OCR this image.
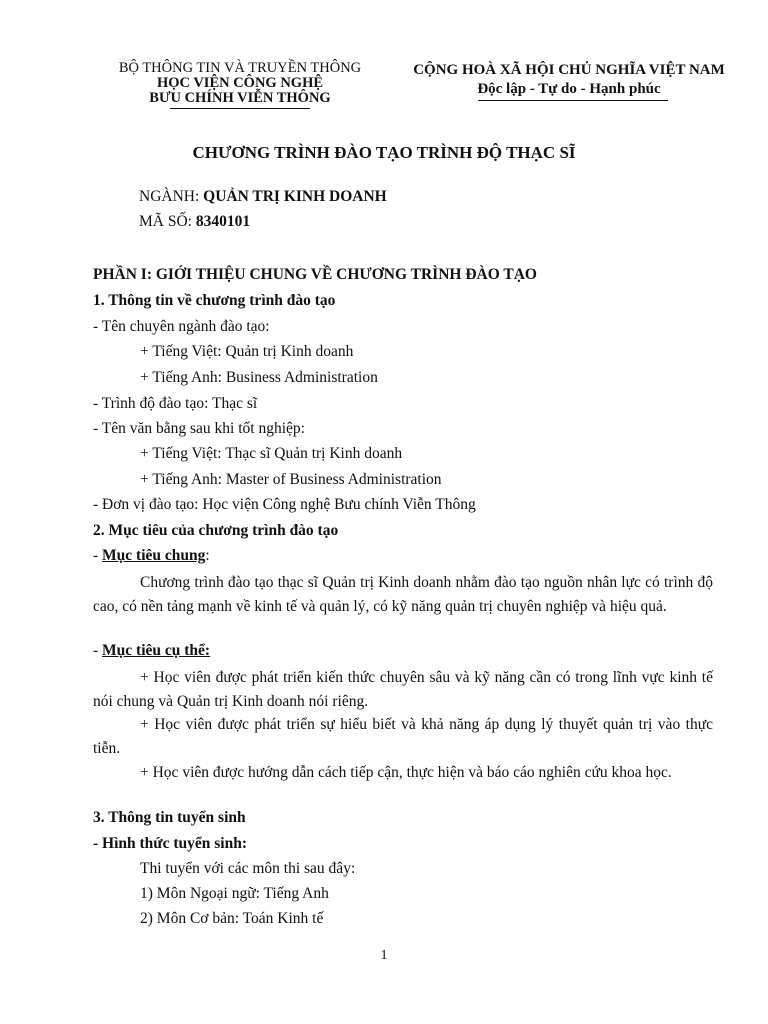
BỘ THÔNG TIN VÀ TRUYỀN THÔNG
HỌC VIỆN CÔNG NGHỆ
BƯU CHÍNH VIỄN THÔNG
CỘNG HOÀ XÃ HỘI CHỦ NGHĨA VIỆT NAM
Độc lập - Tự do - Hạnh phúc
CHƯƠNG TRÌNH ĐÀO TẠO TRÌNH ĐỘ THẠC SĨ
NGÀNH: QUẢN TRỊ KINH DOANH
MÃ SỐ: 8340101
PHẦN I: GIỚI THIỆU CHUNG VỀ CHƯƠNG TRÌNH ĐÀO TẠO
1. Thông tin về chương trình đào tạo
- Tên chuyên ngành đào tạo:
+ Tiếng Việt: Quản trị Kinh doanh
+ Tiếng Anh: Business Administration
- Trình độ đào tạo: Thạc sĩ
- Tên văn bằng sau khi tốt nghiệp:
+ Tiếng Việt: Thạc sĩ Quản trị Kinh doanh
+ Tiếng Anh: Master of Business Administration
- Đơn vị đào tạo: Học viện Công nghệ Bưu chính Viễn Thông
2. Mục tiêu của chương trình đào tạo
- Mục tiêu chung:
Chương trình đào tạo thạc sĩ Quản trị Kinh doanh nhằm đào tạo nguồn nhân lực có trình độ cao, có nền tảng mạnh về kinh tế và quản lý, có kỹ năng quản trị chuyên nghiệp và hiệu quả.
- Mục tiêu cụ thể:
+ Học viên được phát triển kiến thức chuyên sâu và kỹ năng cần có trong lĩnh vực kinh tế nói chung và Quản trị Kinh doanh nói riêng.
+ Học viên được phát triển sự hiểu biết và khả năng áp dụng lý thuyết quản trị vào thực tiễn.
+ Học viên được hướng dẫn cách tiếp cận, thực hiện và báo cáo nghiên cứu khoa học.
3. Thông tin tuyển sinh
- Hình thức tuyển sinh:
Thi tuyển với các môn thi sau đây:
1) Môn Ngoại ngữ: Tiếng Anh
2) Môn Cơ bản: Toán Kinh tế
1
